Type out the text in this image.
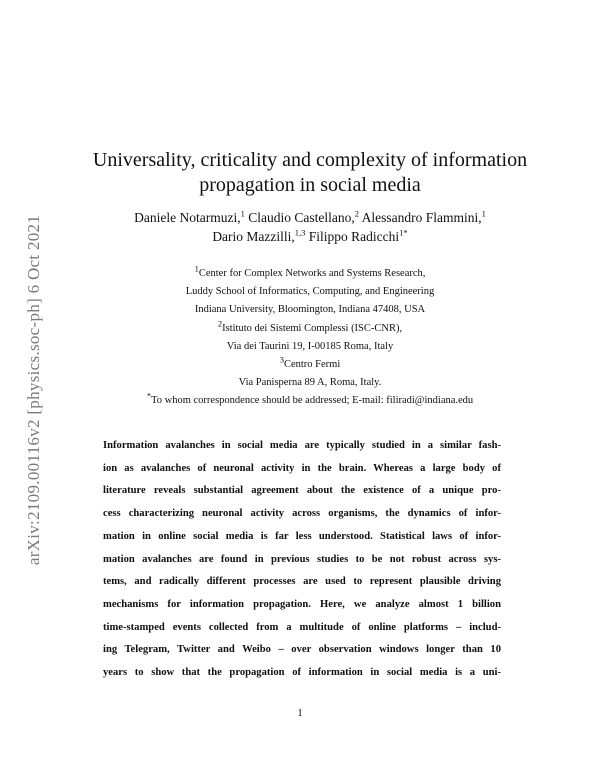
arXiv:2109.00116v2 [physics.soc-ph] 6 Oct 2021
Universality, criticality and complexity of information
propagation in social media
Daniele Notarmuzi,$^1$ Claudio Castellano,$^2$ Alessandro Flammini,$^1$
Dario Mazzilli,$^{1,3}$ Filippo Radicchi$^{1*}$
$^1$Center for Complex Networks and Systems Research,
Luddy School of Informatics, Computing, and Engineering
Indiana University, Bloomington, Indiana 47408, USA
$^2$Istituto dei Sistemi Complessi (ISC-CNR),
Via dei Taurini 19, I-00185 Roma, Italy
$^3$Centro Fermi
Via Panisperna 89 A, Roma, Italy.
*To whom correspondence should be addressed; E-mail: filiradi@indiana.edu
Information avalanches in social media are typically studied in a similar fash-
ion as avalanches of neuronal activity in the brain. Whereas a large body of
literature reveals substantial agreement about the existence of a unique pro-
cess characterizing neuronal activity across organisms, the dynamics of infor-
mation in online social media is far less understood. Statistical laws of infor-
mation avalanches are found in previous studies to be not robust across sys-
tems, and radically different processes are used to represent plausible driving
mechanisms for information propagation. Here, we analyze almost 1 billion
time-stamped events collected from a multitude of online platforms – includ-
ing Telegram, Twitter and Weibo – over observation windows longer than 10
years to show that the propagation of information in social media is a uni-
1
